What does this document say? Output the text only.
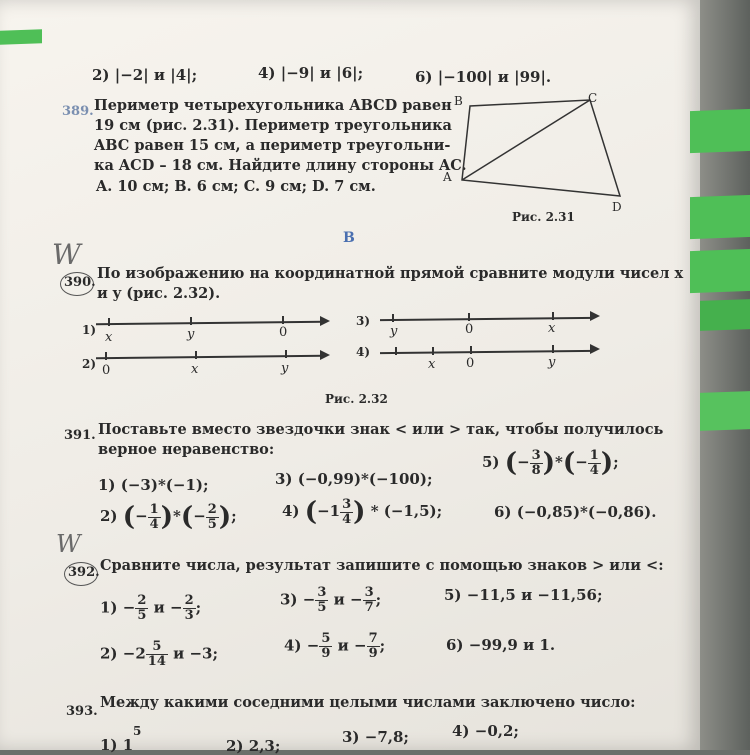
2) |−2| и |4|;	4) |−9| и |6|;	6) |−100| и |99|.
389. Периметр четырехугольника ABCD равен
19 см (рис. 2.31). Периметр треугольника
ABC равен 15 см, а периметр треугольни-
ка ACD – 18 см. Найдите длину стороны AC.
A. 10 см; B. 6 см; C. 9 см; D. 7 см.
B	C
A
D
Рис. 2.31
В
W
390.
По изображению на координатной прямой сравните модули чисел x
и y (рис. 2.32).
1) x	y	0
2) 0	x	y
3)
y	0	x
4)
x 0	y
Рис. 2.32
391. Поставьте вместо звездочки знак < или > так, чтобы получилось
верное неравенство:
1) (−3)*(−1);	3) (−0,99)*(−100);
5) (− $\frac{3}{8}$ )*(− $\frac{1}{4}$ );
2) (− $\frac{1}{4}$ )*(− $\frac{2}{5}$ );	4) ($-1 \frac{3}{4}$ ) * (−1,5);	6) (−0,85)*(−0,86).
W
392. Сравните числа, результат запишите с помощью знаков > или <:
$1) - \frac{2}{5}$ $и - \frac{2}{3}$ ;	$3) - \frac{3}{5}$ $и - \frac{3}{7}$ ;	5) −11,5 и −11,56;
$2) -2 \frac{5}{14}$ и −3;	$4) - \frac{5}{9}$ $и - \frac{7}{9}$ ;	6) −99,9 и 1.
393.
Между какими соседними целыми числами заключено число:
1) 1
5
2) 2,3;	3) −7,8;	4) −0,2;
